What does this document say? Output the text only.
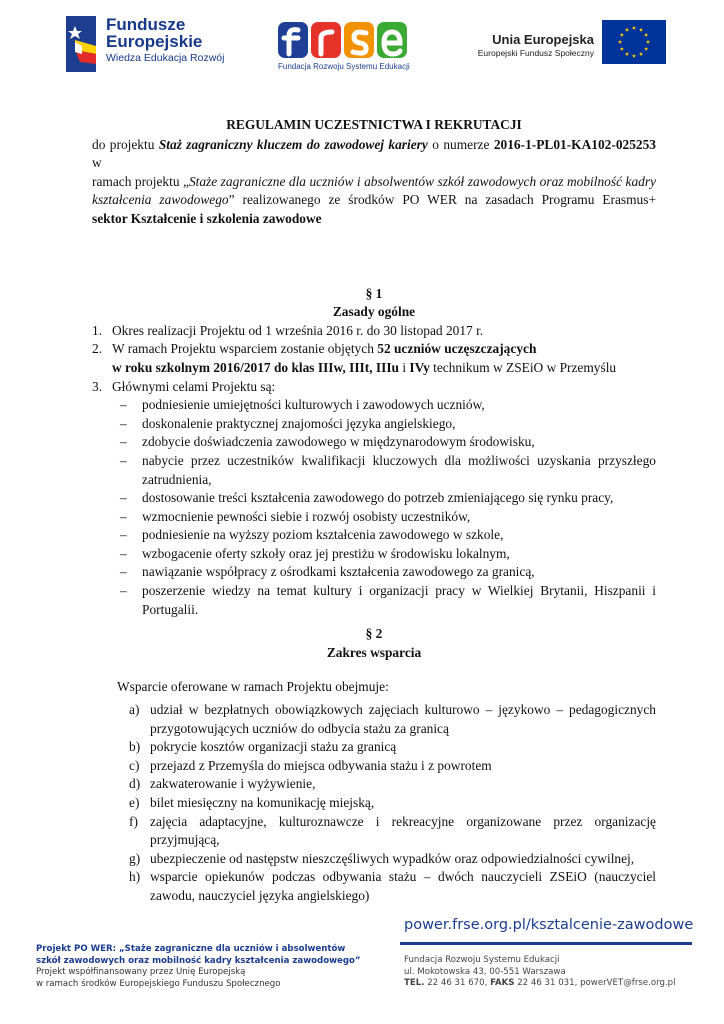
Fundusze
Europejskie
Wiedza Edukacja Rozwój
Fundacja Rozwoju Systemu Edukacji
Unia Europejska
Europejski Fundusz Społeczny

REGULAMIN UCZESTNICTWA I REKRUTACJI

do projektu Staż zagraniczny kluczem do zawodowej kariery o numerze 2016-1-PL01-KA102-025253 w
ramach projektu „Staże zagraniczne dla uczniów i absolwentów szkół zawodowych oraz mobilność kadry
kształcenia zawodowego” realizowanego ze środków PO WER na zasadach Programu Erasmus+
sektor Kształcenie i szkolenia zawodowe

§ 1

Zasady ogólne

1. Okres realizacji Projektu od 1 września 2016 r. do 30 listopad 2017 r.
2. W ramach Projektu wsparciem zostanie objętych 52 uczniów uczęszczających
w roku szkolnym 2016/2017 do klas IIIw, IIIt, IIIu i IVy technikum w ZSEiO w Przemyślu
3. Głównymi celami Projektu są:
– podniesienie umiejętności kulturowych i zawodowych uczniów,
– doskonalenie praktycznej znajomości języka angielskiego,
– zdobycie doświadczenia zawodowego w międzynarodowym środowisku,
– nabycie przez uczestników kwalifikacji kluczowych dla możliwości uzyskania przyszłego zatrudnienia,
– dostosowanie treści kształcenia zawodowego do potrzeb zmieniającego się rynku pracy,
– wzmocnienie pewności siebie i rozwój osobisty uczestników,
– podniesienie na wyższy poziom kształcenia zawodowego w szkole,
– wzbogacenie oferty szkoły oraz jej prestiżu w środowisku lokalnym,
– nawiązanie współpracy z ośrodkami kształcenia zawodowego za granicą,
– poszerzenie wiedzy na temat kultury i organizacji pracy w Wielkiej Brytanii, Hiszpanii i Portugalii.

§ 2

Zakres wsparcia

Wsparcie oferowane w ramach Projektu obejmuje:

a) udział w bezpłatnych obowiązkowych zajęciach kulturowo – językowo – pedagogicznych przygotowujących uczniów do odbycia stażu za granicą
b) pokrycie kosztów organizacji stażu za granicą
c) przejazd z Przemyśla do miejsca odbywania stażu i z powrotem
d) zakwaterowanie i wyżywienie,
e) bilet miesięczny na komunikację miejską,
f) zajęcia adaptacyjne, kulturoznawcze i rekreacyjne organizowane przez organizację przyjmującą,
g) ubezpieczenie od następstw nieszczęśliwych wypadków oraz odpowiedzialności cywilnej,
h) wsparcie opiekunów podczas odbywania stażu – dwóch nauczycieli ZSEiO (nauczyciel zawodu, nauczyciel języka angielskiego)
power.frse.org.pl/ksztalcenie-zawodowe
Projekt PO WER: „Staże zagraniczne dla uczniów i absolwentów
szkół zawodowych oraz mobilność kadry kształcenia zawodowego”
Projekt współfinansowany przez Unię Europejską
w ramach środków Europejskiego Funduszu Społecznego
Fundacja Rozwoju Systemu Edukacji
ul. Mokotowska 43, 00-551 Warszawa
TEL. 22 46 31 670, FAKS 22 46 31 031, powerVET@frse.org.pl
